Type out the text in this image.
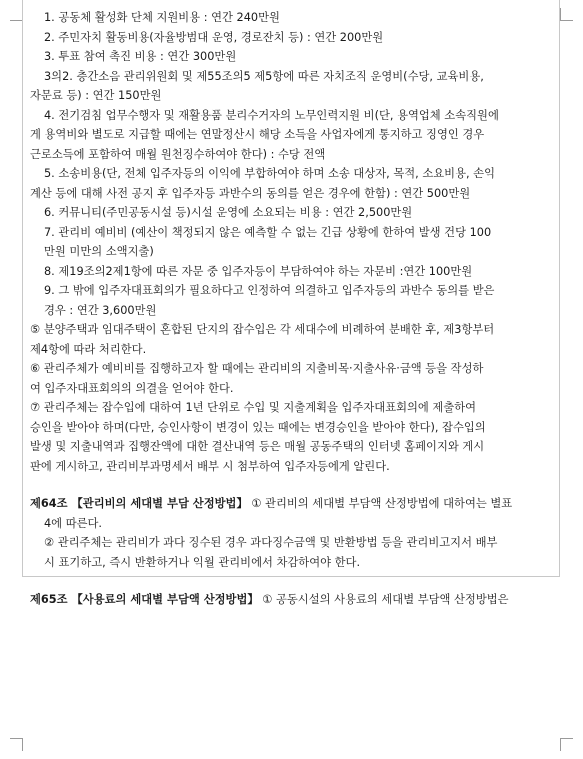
1. 공동체 활성화 단체 지원비용 : 연간 240만원

2. 주민자치 활동비용(자율방범대 운영, 경로잔치 등) : 연간 200만원

3. 투표 참여 촉진 비용 : 연간 300만원

3의2. 층간소음 관리위원회 및 제55조의5 제5항에 따른 자치조직 운영비(수당, 교육비용,

자문료 등) : 연간 150만원

4. 전기검침 업무수행자 및 재활용품 분리수거자의 노무인력지원 비(단, 용역업체 소속직원에

게 용역비와 별도로 지급할 때에는 연말정산시 해당 소득을 사업자에게 통지하고 징영인 경우

근로소득에 포함하여 매월 원천징수하여야 한다) : 수당 전액

5. 소송비용(단, 전체 입주자등의 이익에 부합하여야 하며 소송 대상자, 목적, 소요비용, 손익

계산 등에 대해 사전 공지 후 입주자등 과반수의 동의를 얻은 경우에 한함) : 연간 500만원

6. 커뮤니티(주민공동시설 등)시설 운영에 소요되는 비용 : 연간 2,500만원

7. 관리비 예비비 (예산이 책정되지 않은 예측할 수 없는 긴급 상황에 한하여 발생 건당 100

만원 미만의 소액지출)

8. 제19조의2제1항에 따른 자문 중 입주자등이 부담하여야 하는 자문비 :연간 100만원

9. 그 밖에 입주자대표회의가 필요하다고 인정하여 의결하고 입주자등의 과반수 동의를 받은

경우 : 연간 3,600만원

⑤ 분양주택과 임대주택이 혼합된 단지의 잡수입은 각 세대수에 비례하여 분배한 후, 제3항부터

제4항에 따라 처리한다.

⑥ 관리주체가 예비비를 집행하고자 할 때에는 관리비의 지출비목·지출사유·금액 등을 작성하

여 입주자대표회의의 의결을 얻어야 한다.

⑦ 관리주체는 잡수입에 대하여 1년 단위로 수입 및 지출계획을 입주자대표회의에 제출하여

승인을 받아야 하며(다만, 승인사항이 변경이 있는 때에는 변경승인을 받아야 한다), 잡수입의

발생 및 지출내역과 집행잔액에 대한 결산내역 등은 매월 공동주택의 인터넷 홈페이지와 게시

판에 게시하고, 관리비부과명세서 배부 시 첨부하여 입주자등에게 알린다.

제64조 【관리비의 세대별 부담 산정방법】 ① 관리비의 세대별 부담액 산정방법에 대하여는 별표

4에 따른다.

② 관리주체는 관리비가 과다 징수된 경우 과다징수금액 및 반환방법 등을 관리비고지서 배부

시 표기하고, 즉시 반환하거나 익월 관리비에서 차감하여야 한다.

제65조 【사용료의 세대별 부담액 산정방법】 ① 공동시설의 사용료의 세대별 부담액 산정방법은
